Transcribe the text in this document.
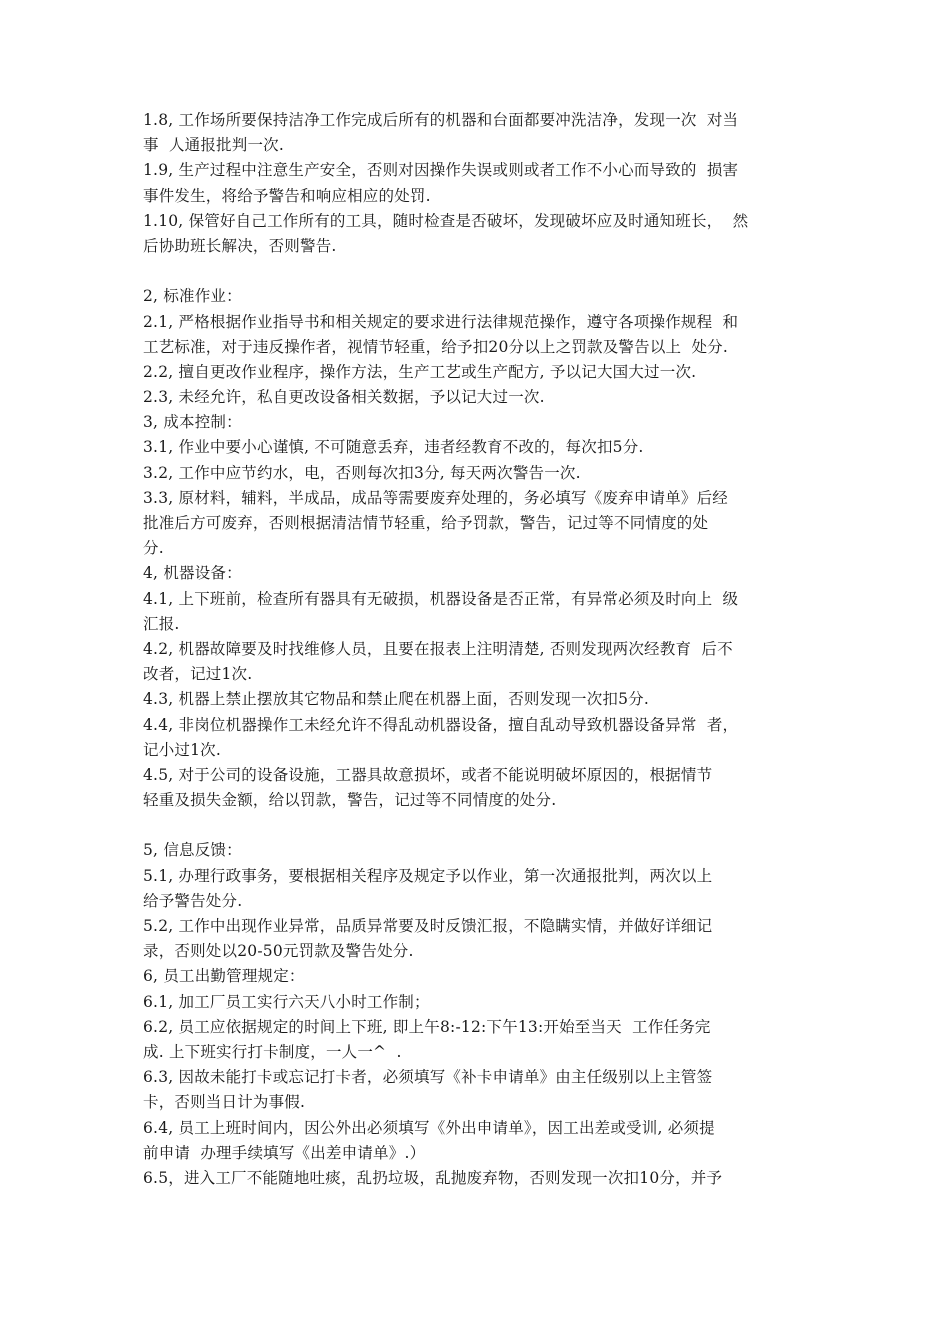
1.8, 工作场所要保持洁净工作完成后所有的机器和台面都要冲洗洁净，发现一次  对当
事  人通报批判一次.
1.9, 生产过程中注意生产安全，否则对因操作失误或则或者工作不小心而导致的  损害
事件发生，将给予警告和响应相应的处罚.
1.10, 保管好自己工作所有的工具，随时检查是否破坏，发现破坏应及时通知班长，  然
后协助班长解决，否则警告.
2, 标准作业：
2.1, 严格根据作业指导书和相关规定的要求进行法律规范操作，遵守各项操作规程  和
工艺标准，对于违反操作者，视情节轻重，给予扣20分以上之罚款及警告以上  处分.
2.2, 擅自更改作业程序，操作方法，生产工艺或生产配方, 予以记大国大过一次.
2.3, 未经允许，私自更改设备相关数据，予以记大过一次.
3, 成本控制：
3.1, 作业中要小心谨慎, 不可随意丢弃，违者经教育不改的，每次扣5分.
3.2, 工作中应节约水，电，否则每次扣3分, 每天两次警告一次.
3.3, 原材料，辅料，半成品，成品等需要废弃处理的，务必填写《废弃申请单》后经
批准后方可废弃，否则根据清洁情节轻重，给予罚款，警告，记过等不同情度的处
分.
4, 机器设备：
4.1, 上下班前，检查所有器具有无破损，机器设备是否正常，有异常必须及时向上  级
汇报.
4.2, 机器故障要及时找维修人员，且要在报表上注明清楚, 否则发现两次经教育  后不
改者，记过1次.
4.3, 机器上禁止摆放其它物品和禁止爬在机器上面，否则发现一次扣5分.
4.4, 非岗位机器操作工未经允许不得乱动机器设备，擅自乱动导致机器设备异常  者，
记小过1次.
4.5, 对于公司的设备设施，工器具故意损坏，或者不能说明破坏原因的，根据情节
轻重及损失金额，给以罚款，警告，记过等不同情度的处分.
5, 信息反馈：
5.1, 办理行政事务，要根据相关程序及规定予以作业，第一次通报批判，两次以上
给予警告处分.
5.2, 工作中出现作业异常，品质异常要及时反馈汇报，不隐瞒实情，并做好详细记
录，否则处以20-50元罚款及警告处分.
6, 员工出勤管理规定：
6.1, 加工厂员工实行六天八小时工作制；
6.2, 员工应依据规定的时间上下班, 即上午8:-12:下午13:开始至当天  工作任务完
成. 上下班实行打卡制度，一人一^  .
6.3, 因故未能打卡或忘记打卡者，必须填写《补卡申请单》由主任级别以上主管签
卡，否则当日计为事假.
6.4, 员工上班时间内，因公外出必须填写《外出申请单》，因工出差或受训, 必须提
前申请  办理手续填写《出差申请单》.）
6.5，进入工厂不能随地吐痰，乱扔垃圾，乱抛废弃物，否则发现一次扣10分，并予
